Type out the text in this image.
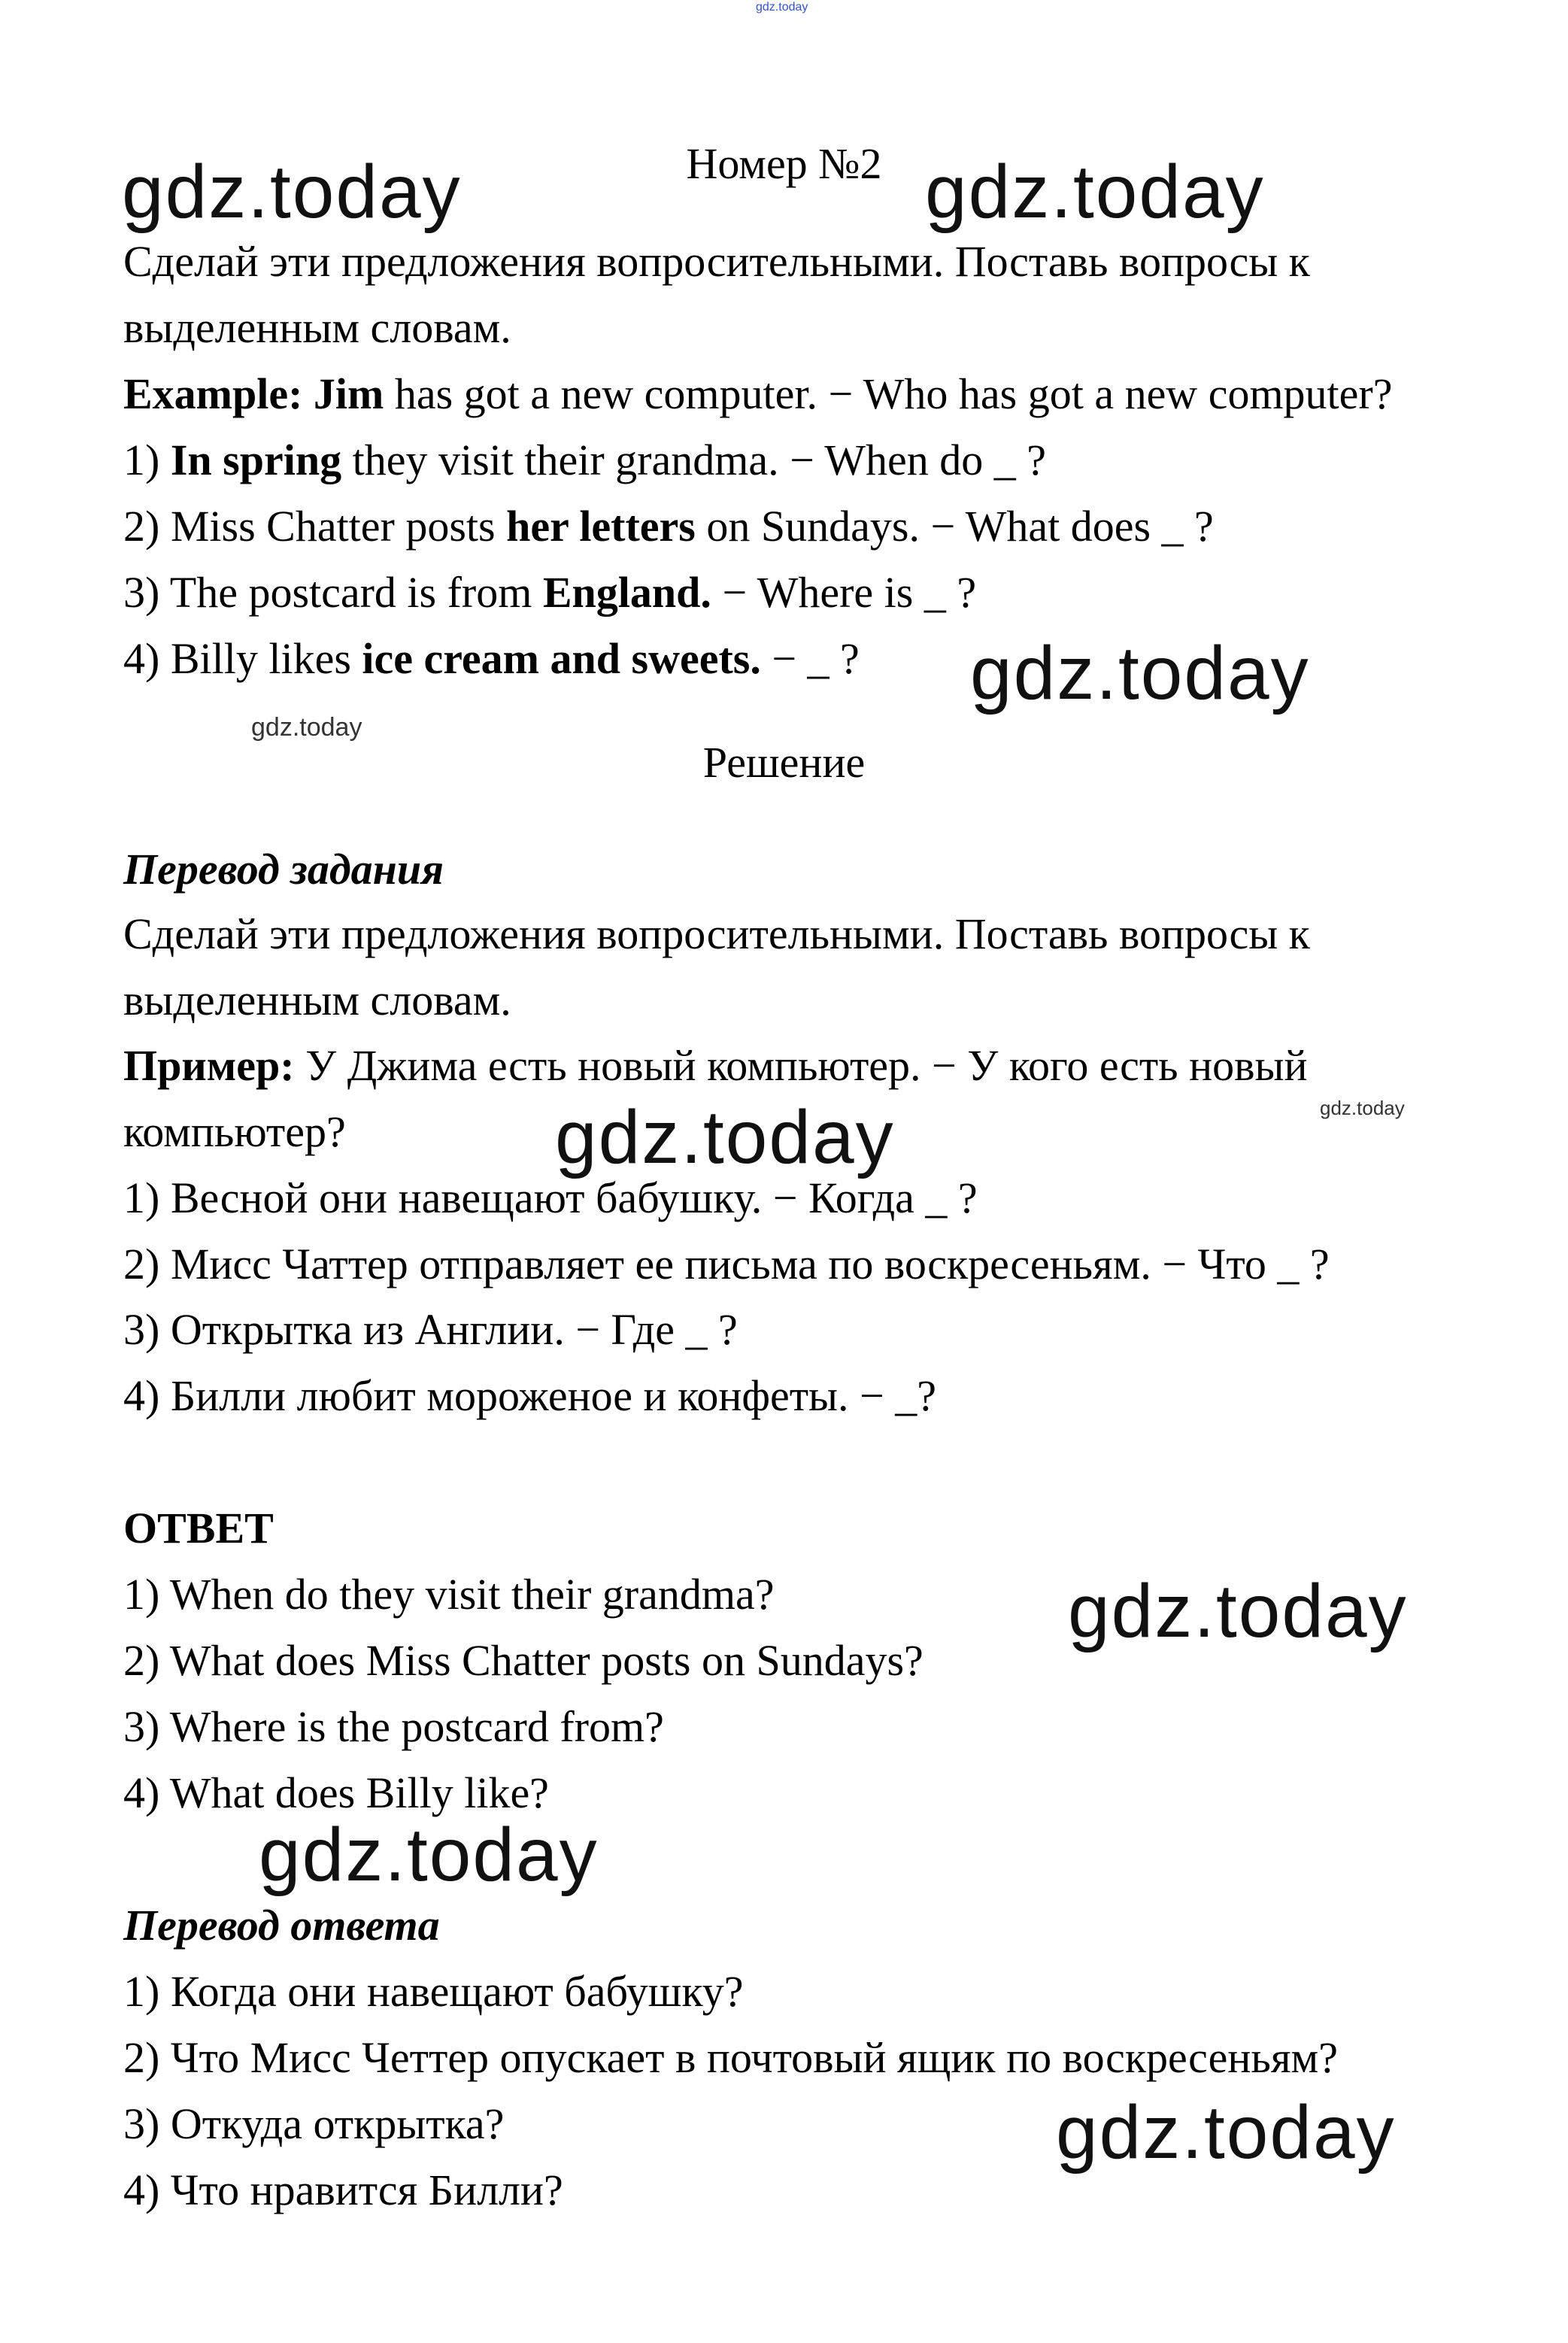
gdz.today
Номер №2
Решение
Перевод задания
ОТВЕТ
Перевод ответа
Сделай эти предложения вопросительными. Поставь вопросы к
выделенным словам.
Example: Jim has got a new computer. − Who has got a new computer?
1) In spring they visit their grandma. − When do _ ?
2) Miss Chatter posts her letters on Sundays. − What does _ ?
3) The postcard is from England. − Where is _ ?
4) Billy likes ice cream and sweets. − _ ?
Сделай эти предложения вопросительными. Поставь вопросы к
выделенным словам.
Пример: У Джима есть новый компьютер. − У кого есть новый
компьютер?
1) Весной они навещают бабушку. − Когда _ ?
2) Мисс Чаттер отправляет ее письма по воскресеньям. − Что _ ?
3) Открытка из Англии. − Где _ ?
4) Билли любит мороженое и конфеты. − _?
1) When do they visit their grandma?
2) What does Miss Chatter posts on Sundays?
3) Where is the postcard from?
4) What does Billy like?
1) Когда они навещают бабушку?
2) Что Мисс Четтер опускает в почтовый ящик по воскресеньям?
3) Откуда открытка?
4) Что нравится Билли?
gdz.today	gdz.today
gdz.today
gdz.today
gdz.today	gdz.today
gdz.today
gdz.today
gdz.today
